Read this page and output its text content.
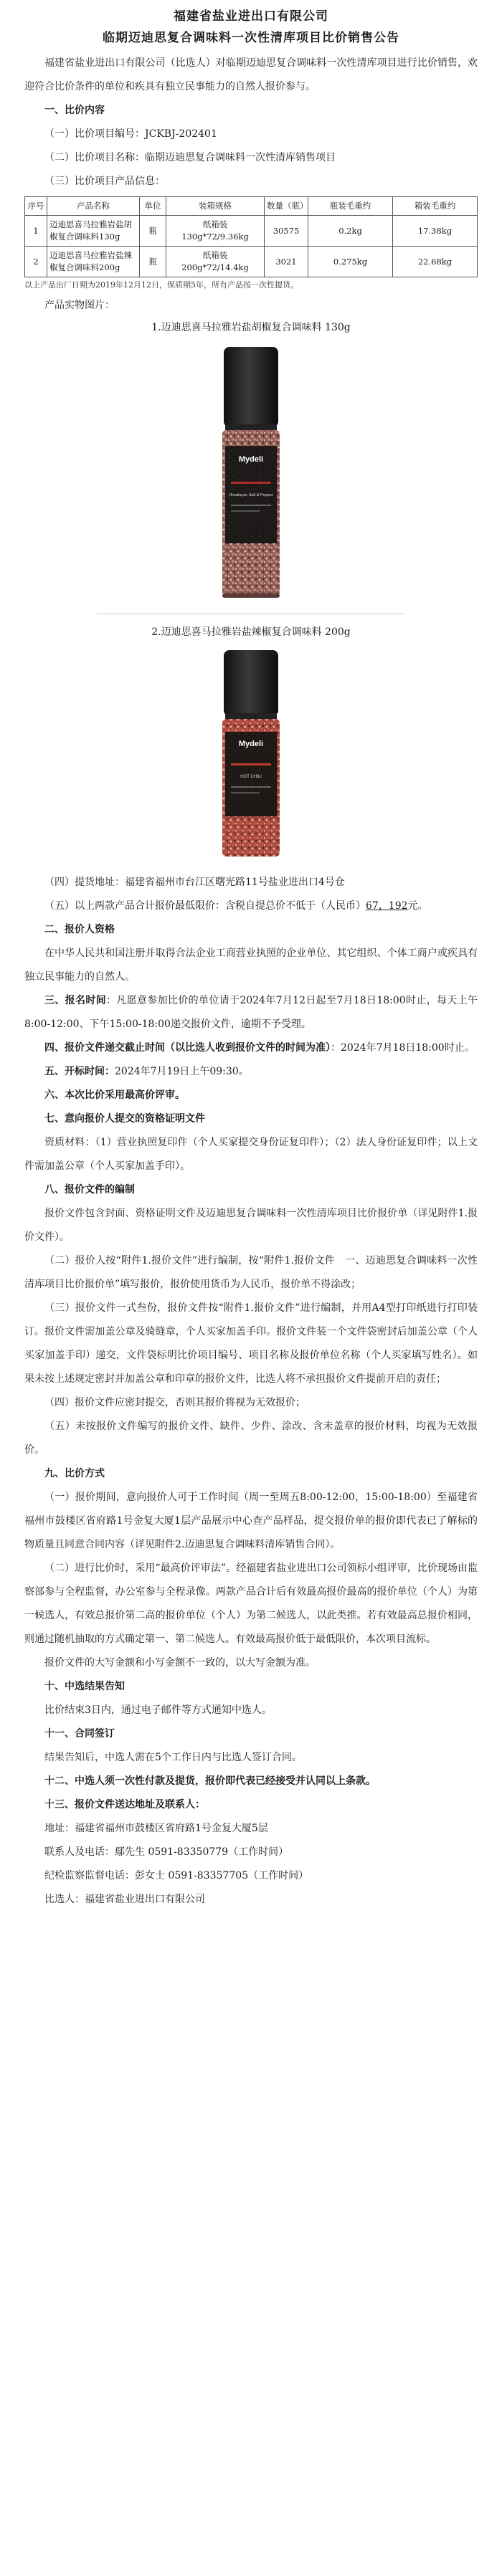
福建省盐业进出口有限公司
临期迈迪思复合调味料一次性清库项目比价销售公告

福建省盐业进出口有限公司（比选人）对临期迈迪思复合调味料一次性清库项目进行比价销售，欢迎符合比价条件的单位和疾具有独立民事能力的自然人报价参与。

一、比价内容

（一）比价项目编号：JCKBJ-202401

（二）比价项目名称：临期迈迪思复合调味料一次性清库销售项目

（三）比价项目产品信息：

序号	产品名称	单位	装箱规格	数量（瓶）	瓶装毛重约	箱装毛重约
1	迈迪思喜马拉雅岩盐胡椒复合调味料130g	瓶	纸箱装 130g*72/9.36kg	30575	0.2kg	17.38kg
2	迈迪思喜马拉雅岩盐辣椒复合调味料200g	瓶	纸箱装 200g*72/14.4kg	3021	0.275kg	22.68kg

以上产品出厂日期为2019年12月12日，保质期5年，所有产品按一次性提货。

产品实物图片：

1.迈迪思喜马拉雅岩盐胡椒复合调味料 130g

Mydeli
Himalayan Salt & Pepper

2.迈迪思喜马拉雅岩盐辣椒复合调味料 200g

Mydeli
HOT CHILI

（四）提货地址：福建省福州市台江区曙光路11号盐业进出口4号仓

（五）以上两款产品合计报价最低限价：含税自提总价不低于（人民币）67，192元。

二、报价人资格

在中华人民共和国注册并取得合法企业工商营业执照的企业单位、其它组织、个体工商户或疾具有独立民事能力的自然人。

三、报名时间：凡愿意参加比价的单位请于2024年7月12日起至7月18日18:00时止，每天上午8:00-12:00、下午15:00-18:00递交报价文件，逾期不予受理。

四、报价文件递交截止时间（以比选人收到报价文件的时间为准）：2024年7月18日18:00时止。

五、开标时间：2024年7月19日上午09:30。

六、本次比价采用最高价评审。

七、意向报价人提交的资格证明文件

资质材料：（1）营业执照复印件（个人买家提交身份证复印件）；（2）法人身份证复印件；以上文件需加盖公章（个人买家加盖手印）。

八、报价文件的编制

报价文件包含封面、资格证明文件及迈迪思复合调味料一次性清库项目比价报价单（详见附件1.报价文件）。

（二）报价人按“附件1.报价文件”进行编制，按“附件1.报价文件　一、迈迪思复合调味料一次性清库项目比价报价单”填写报价，报价使用货币为人民币，报价单不得涂改；

（三）报价文件一式叁份，报价文件按“附件1.报价文件”进行编制，并用A4型打印纸进行打印装订。报价文件需加盖公章及骑缝章，个人买家加盖手印。报价文件装一个文件袋密封后加盖公章（个人买家加盖手印）递交，文件袋标明比价项目编号、项目名称及报价单位名称（个人买家填写姓名）。如果未按上述规定密封并加盖公章和印章的报价文件，比选人将不承担报价文件提前开启的责任；

（四）报价文件应密封提交，否则其报价将视为无效报价；

（五）未按报价文件编写的报价文件、缺件、少件、涂改、含未盖章的报价材料，均视为无效报价。

九、比价方式

（一）报价期间，意向报价人可于工作时间（周一至周五8:00-12:00，15:00-18:00）至福建省福州市鼓楼区省府路1号金复大厦1层产品展示中心查产品样品，提交报价单的报价即代表已了解标的物质量且同意合同内容（详见附件2.迈迪思复合调味料清库销售合同）。

（二）进行比价时，采用“最高价评审法”。经福建省盐业进出口公司领标小组评审，比价现场由监察部参与全程监督，办公室参与全程录像。两款产品合计后有效最高报价最高的报价单位（个人）为第一候选人，有效总报价第二高的报价单位（个人）为第二候选人，以此类推。若有效最高总报价相同，则通过随机抽取的方式确定第一、第二候选人。有效最高报价低于最低限价，本次项目流标。

报价文件的大写金额和小写金额不一致的，以大写金额为准。

十、中选结果告知

比价结束3日内，通过电子邮件等方式通知中选人。

十一、合同签订

结果告知后，中选人需在5个工作日内与比选人签订合同。

十二、中选人须一次性付款及提货，报价即代表已经接受并认同以上条款。

十三、报价文件送达地址及联系人：

地址：福建省福州市鼓楼区省府路1号金复大厦5层

联系人及电话：鄢先生 0591-83350779（工作时间）

纪检监察监督电话：彭女士 0591-83357705（工作时间）

比选人：福建省盐业进出口有限公司
